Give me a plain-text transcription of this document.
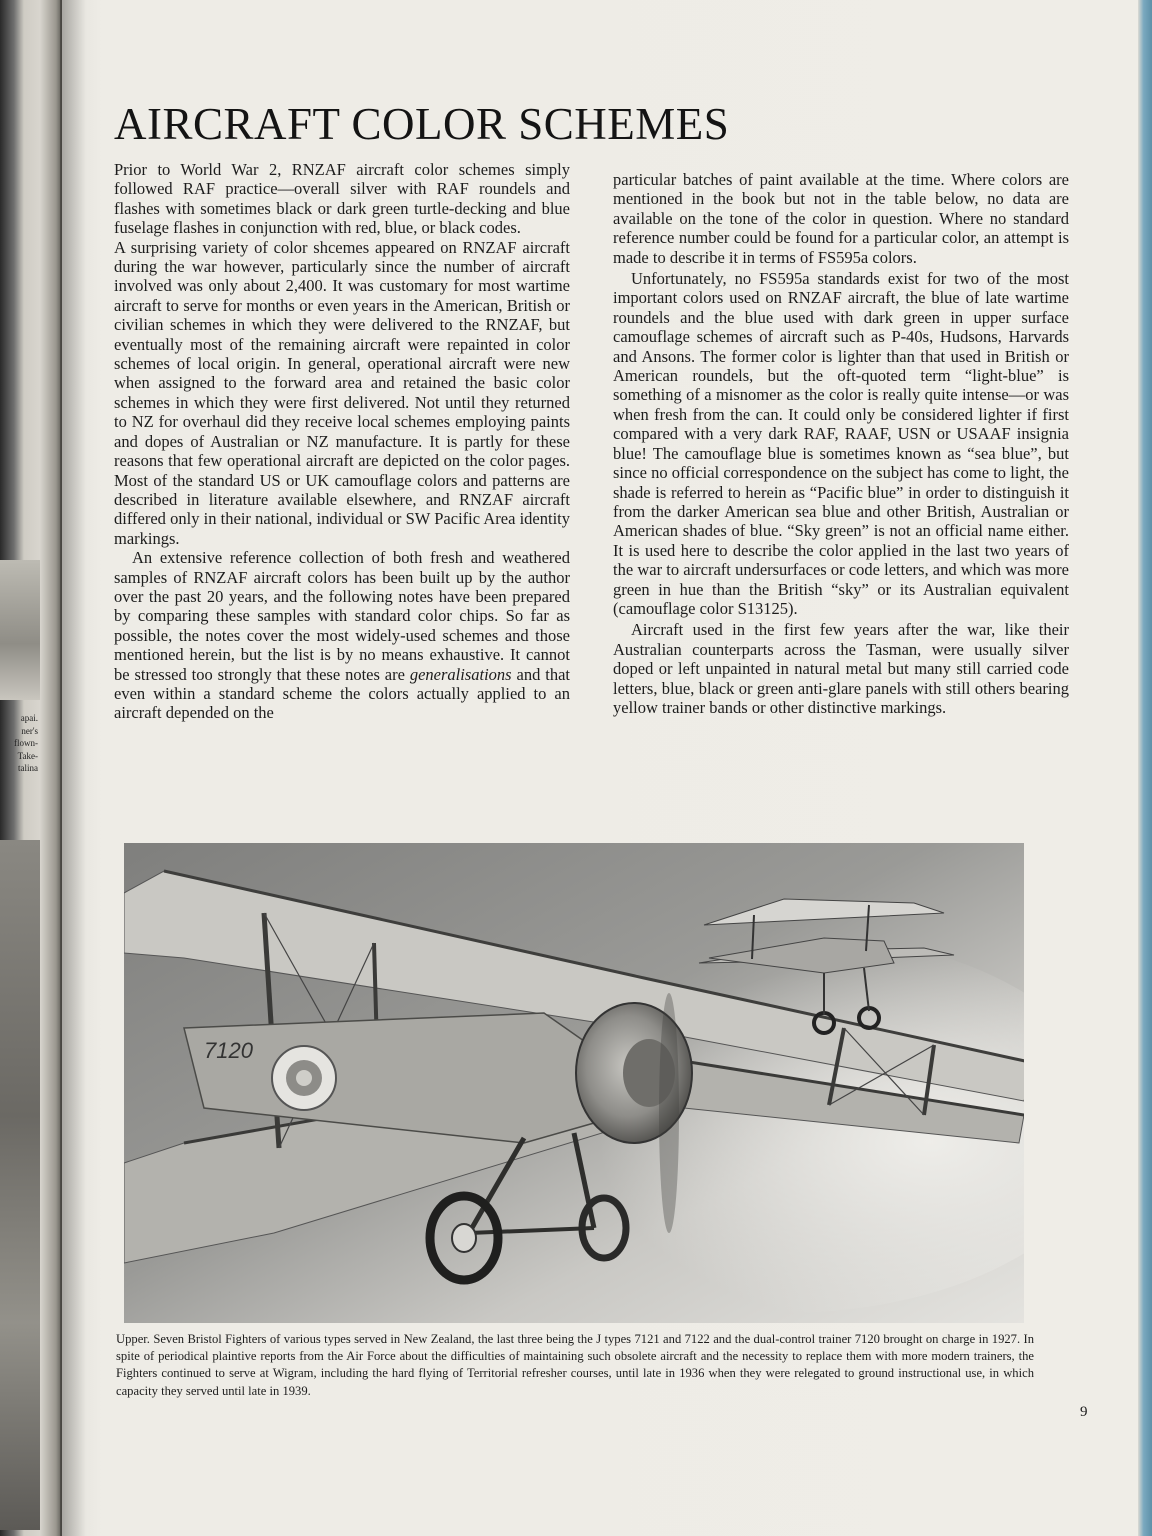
apai.
ner's
flown-
Take-
talina
AIRCRAFT COLOR SCHEMES

Prior to World War 2, RNZAF aircraft color schemes simply followed RAF practice—overall silver with RAF roundels and flashes with sometimes black or dark green turtle-decking and blue fuselage flashes in conjunction with red, blue, or black codes.

A surprising variety of color shcemes appeared on RNZAF aircraft during the war however, particularly since the number of aircraft involved was only about 2,400. It was customary for most wartime aircraft to serve for months or even years in the American, British or civilian schemes in which they were delivered to the RNZAF, but eventually most of the remaining aircraft were repainted in color schemes of local origin. In general, operational aircraft were new when assigned to the forward area and retained the basic color schemes in which they were first delivered. Not until they returned to NZ for overhaul did they receive local schemes employing paints and dopes of Australian or NZ manufacture. It is partly for these reasons that few operational aircraft are depicted on the color pages. Most of the standard US or UK camouflage colors and patterns are described in literature available elsewhere, and RNZAF aircraft differed only in their national, individual or SW Pacific Area identity markings.

An extensive reference collection of both fresh and weathered samples of RNZAF aircraft colors has been built up by the author over the past 20 years, and the following notes have been prepared by comparing these samples with standard color chips. So far as possible, the notes cover the most widely-used schemes and those mentioned herein, but the list is by no means exhaustive. It cannot be stressed too strongly that these notes are generalisations and that even within a standard scheme the colors actually applied to an aircraft depended on the

particular batches of paint available at the time. Where colors are mentioned in the book but not in the table below, no data are available on the tone of the color in question. Where no standard reference number could be found for a particular color, an attempt is made to describe it in terms of FS595a colors.

Unfortunately, no FS595a standards exist for two of the most important colors used on RNZAF aircraft, the blue of late wartime roundels and the blue used with dark green in upper surface camouflage schemes of aircraft such as P-40s, Hudsons, Harvards and Ansons. The former color is lighter than that used in British or American roundels, but the oft-quoted term “light-blue” is something of a misnomer as the color is really quite intense—or was when fresh from the can. It could only be considered lighter if first compared with a very dark RAF, RAAF, USN or USAAF insignia blue! The camouflage blue is sometimes known as “sea blue”, but since no official correspondence on the subject has come to light, the shade is referred to herein as “Pacific blue” in order to distinguish it from the darker American sea blue and other British, Australian or American shades of blue. “Sky green” is not an official name either. It is used here to describe the color applied in the last two years of the war to aircraft undersurfaces or code letters, and which was more green in hue than the British “sky” or its Australian equivalent (camouflage color S13125).

Aircraft used in the first few years after the war, like their Australian counterparts across the Tasman, were usually silver doped or left unpainted in natural metal but many still carried code letters, blue, black or green anti-glare panels with still others bearing yellow trainer bands or other distinctive markings.

7120

Upper. Seven Bristol Fighters of various types served in New Zealand, the last three being the J types 7121 and 7122 and the dual-control trainer 7120 brought on charge in 1927. In spite of periodical plaintive reports from the Air Force about the difficulties of maintaining such obsolete aircraft and the necessity to replace them with more modern trainers, the Fighters continued to serve at Wigram, including the hard flying of Territorial refresher courses, until late in 1936 when they were relegated to ground instructional use, in which capacity they served until late in 1939.

9
